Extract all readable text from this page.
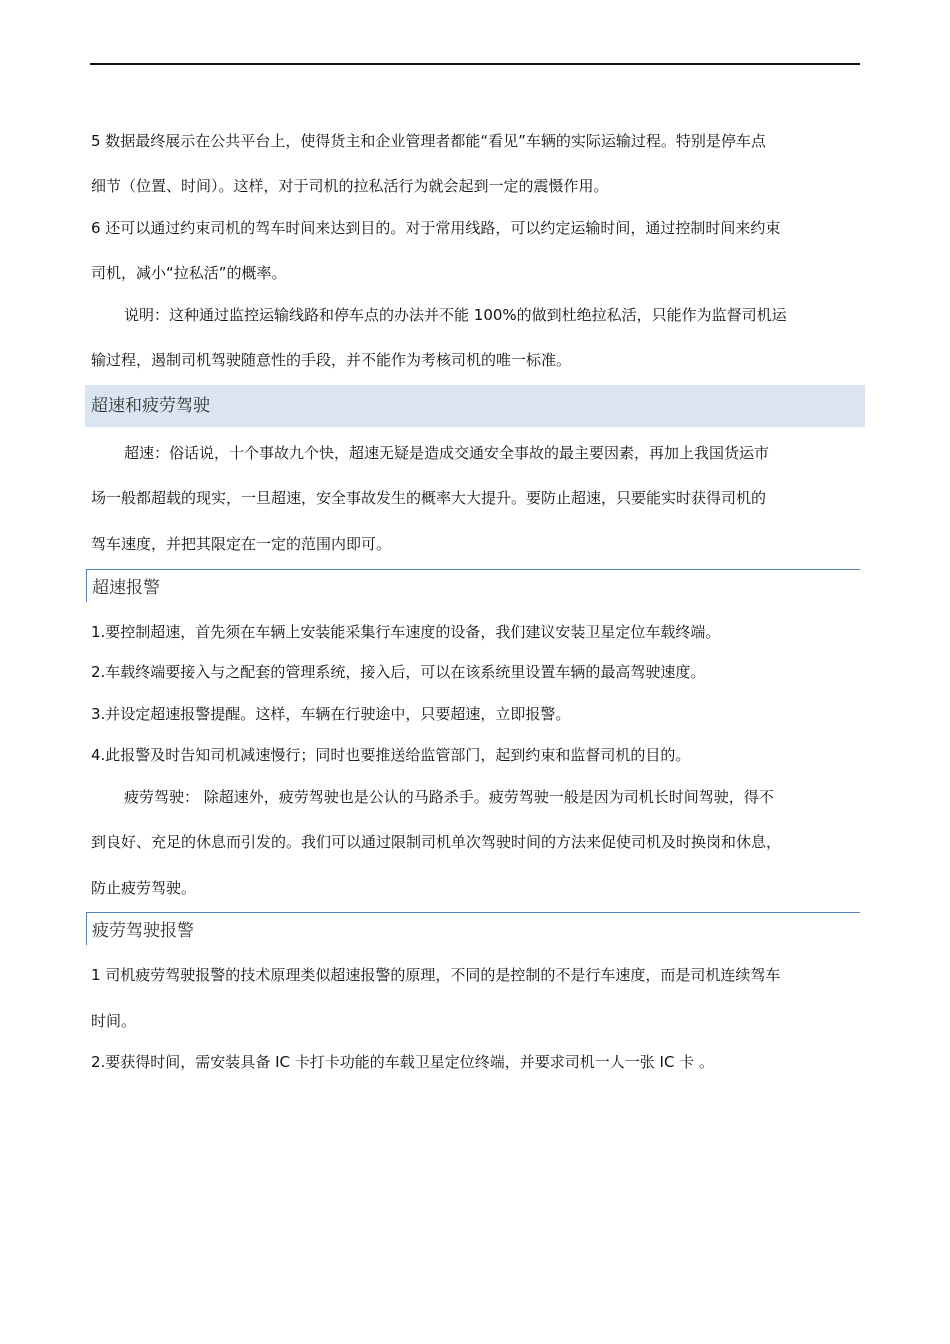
5 数据最终展示在公共平台上，使得货主和企业管理者都能“看见”车辆的实际运输过程。特别是停车点
细节（位置、时间）。这样，对于司机的拉私活行为就会起到一定的震慑作用。
6 还可以通过约束司机的驾车时间来达到目的。对于常用线路，可以约定运输时间，通过控制时间来约束
司机，减小“拉私活”的概率。
说明：这种通过监控运输线路和停车点的办法并不能 100%的做到杜绝拉私活，只能作为监督司机运
输过程，遏制司机驾驶随意性的手段，并不能作为考核司机的唯一标准。
超速和疲劳驾驶
超速：俗话说，十个事故九个快，超速无疑是造成交通安全事故的最主要因素，再加上我国货运市
场一般都超载的现实，一旦超速，安全事故发生的概率大大提升。要防止超速，只要能实时获得司机的
驾车速度，并把其限定在一定的范围内即可。
超速报警
1.要控制超速，首先须在车辆上安装能采集行车速度的设备，我们建议安装卫星定位车载终端。
2.车载终端要接入与之配套的管理系统，接入后，可以在该系统里设置车辆的最高驾驶速度。
3.并设定超速报警提醒。这样，车辆在行驶途中，只要超速，立即报警。
4.此报警及时告知司机减速慢行；同时也要推送给监管部门，起到约束和监督司机的目的。
疲劳驾驶： 除超速外，疲劳驾驶也是公认的马路杀手。疲劳驾驶一般是因为司机长时间驾驶，得不
到良好、充足的休息而引发的。我们可以通过限制司机单次驾驶时间的方法来促使司机及时换岗和休息，
防止疲劳驾驶。
疲劳驾驶报警
1 司机疲劳驾驶报警的技术原理类似超速报警的原理，不同的是控制的不是行车速度，而是司机连续驾车
时间。
2.要获得时间，需安装具备 IC 卡打卡功能的车载卫星定位终端，并要求司机一人一张 IC 卡 。
